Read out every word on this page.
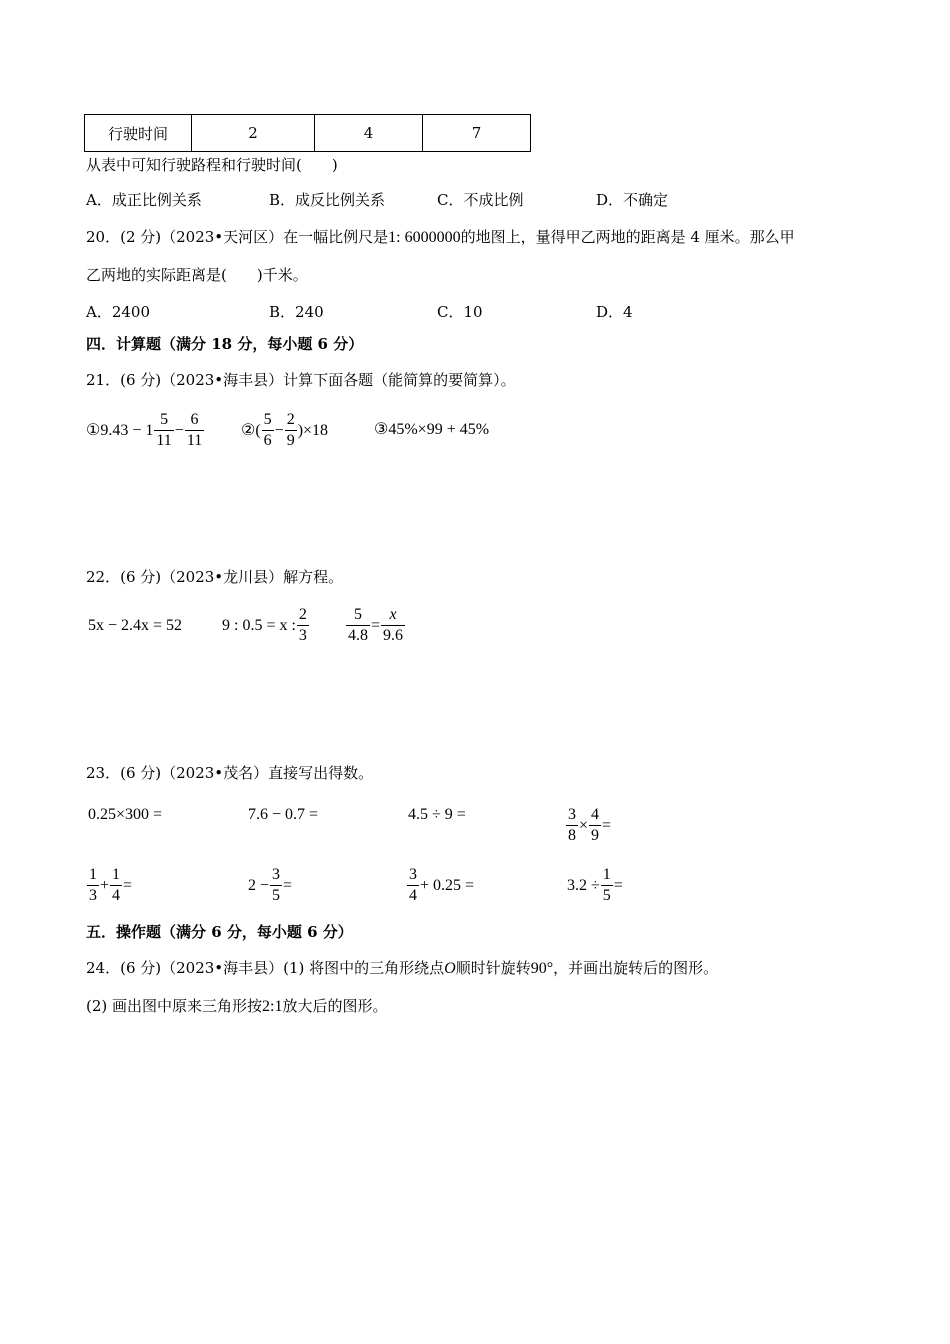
行驶时间	2	4	7
从表中可知行驶路程和行驶时间( )
A．成正比例关系	B．成反比例关系	C．不成比例	D．不确定
20．(2 分)（2023•天河区）在一幅比例尺是1: 6000000的地图上，量得甲乙两地的距离是 4 厘米。那么甲
乙两地的实际距离是(　　)千米。
A．2400	B．240	C．10	D．4
四．计算题（满分 18 分，每小题 6 分）
21．(6 分)（2023•海丰县）计算下面各题（能简算的要简算）。
①9.43 − $1 \frac{5}{11} - \frac{6}{11}$ ②( $\frac{5}{6} - \frac{2}{9} )\times 18$	③45%×99 + 45%
22．(6 分)（2023•龙川县）解方程。
5x − 2.4x = 52 9 : 0.5 = x : $\frac{2}{3} \frac{5}{4.8} = \frac{x}{9.6}$
23．(6 分)（2023•茂名）直接写出得数。
0.25×300 =	7.6 − 0.7 =	4.5 ÷ 9 =	$\frac{3}{8} \times \frac{4}{9}$ =
$\frac{1}{3} + \frac{1}{4}$ =	$2 - \frac{3}{5}$ =	$\frac{3}{4} + 0.25$ =	$3.2 \div \frac{1}{5}$ =
五．操作题（满分 6 分，每小题 6 分）
24．(6 分)（2023•海丰县）(1) 将图中的三角形绕点O顺时针旋转90°，并画出旋转后的图形。
(2) 画出图中原来三角形按2:1放大后的图形。
